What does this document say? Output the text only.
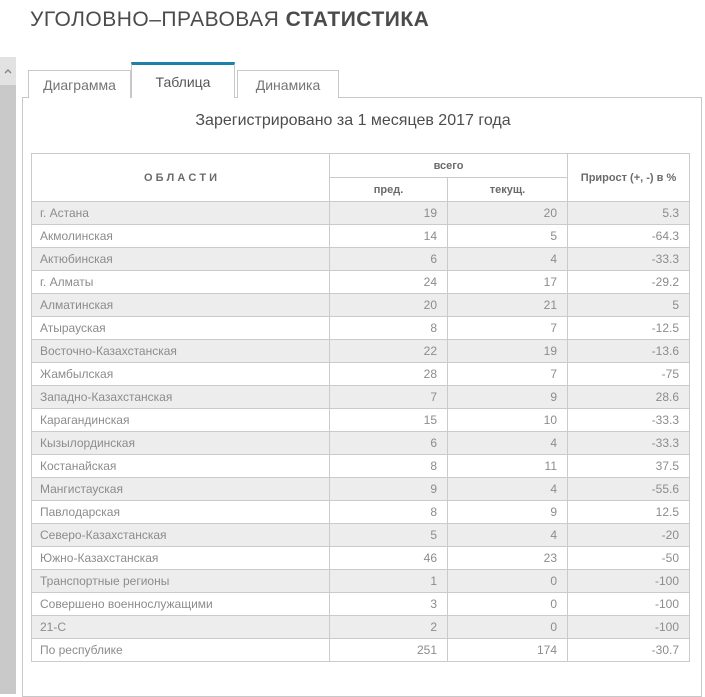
УГОЛОВНО–ПРАВОВАЯ СТАТИСТИКА
Диаграмма	Таблица	Динамика
Зарегистрировано за 1 месяцев 2017 года
О Б Л А С Т И	всего		Прирост (+, -) в %
	пред.	текущ.	
г. Астана	19	20	5.3
Акмолинская	14	5	-64.3
Актюбинская	6	4	-33.3
г. Алматы	24	17	-29.2
Алматинская	20	21	5
Атырауская	8	7	-12.5
Восточно-Казахстанская	22	19	-13.6
Жамбылская	28	7	-75
Западно-Казахстанская	7	9	28.6
Карагандинская	15	10	-33.3
Кызылординская	6	4	-33.3
Костанайская	8	11	37.5
Мангистауская	9	4	-55.6
Павлодарская	8	9	12.5
Северо-Казахстанская	5	4	-20
Южно-Казахстанская	46	23	-50
Транспортные регионы	1	0	-100
Совершено военнослужащими	3	0	-100
21-С	2	0	-100
По республике	251	174	-30.7
